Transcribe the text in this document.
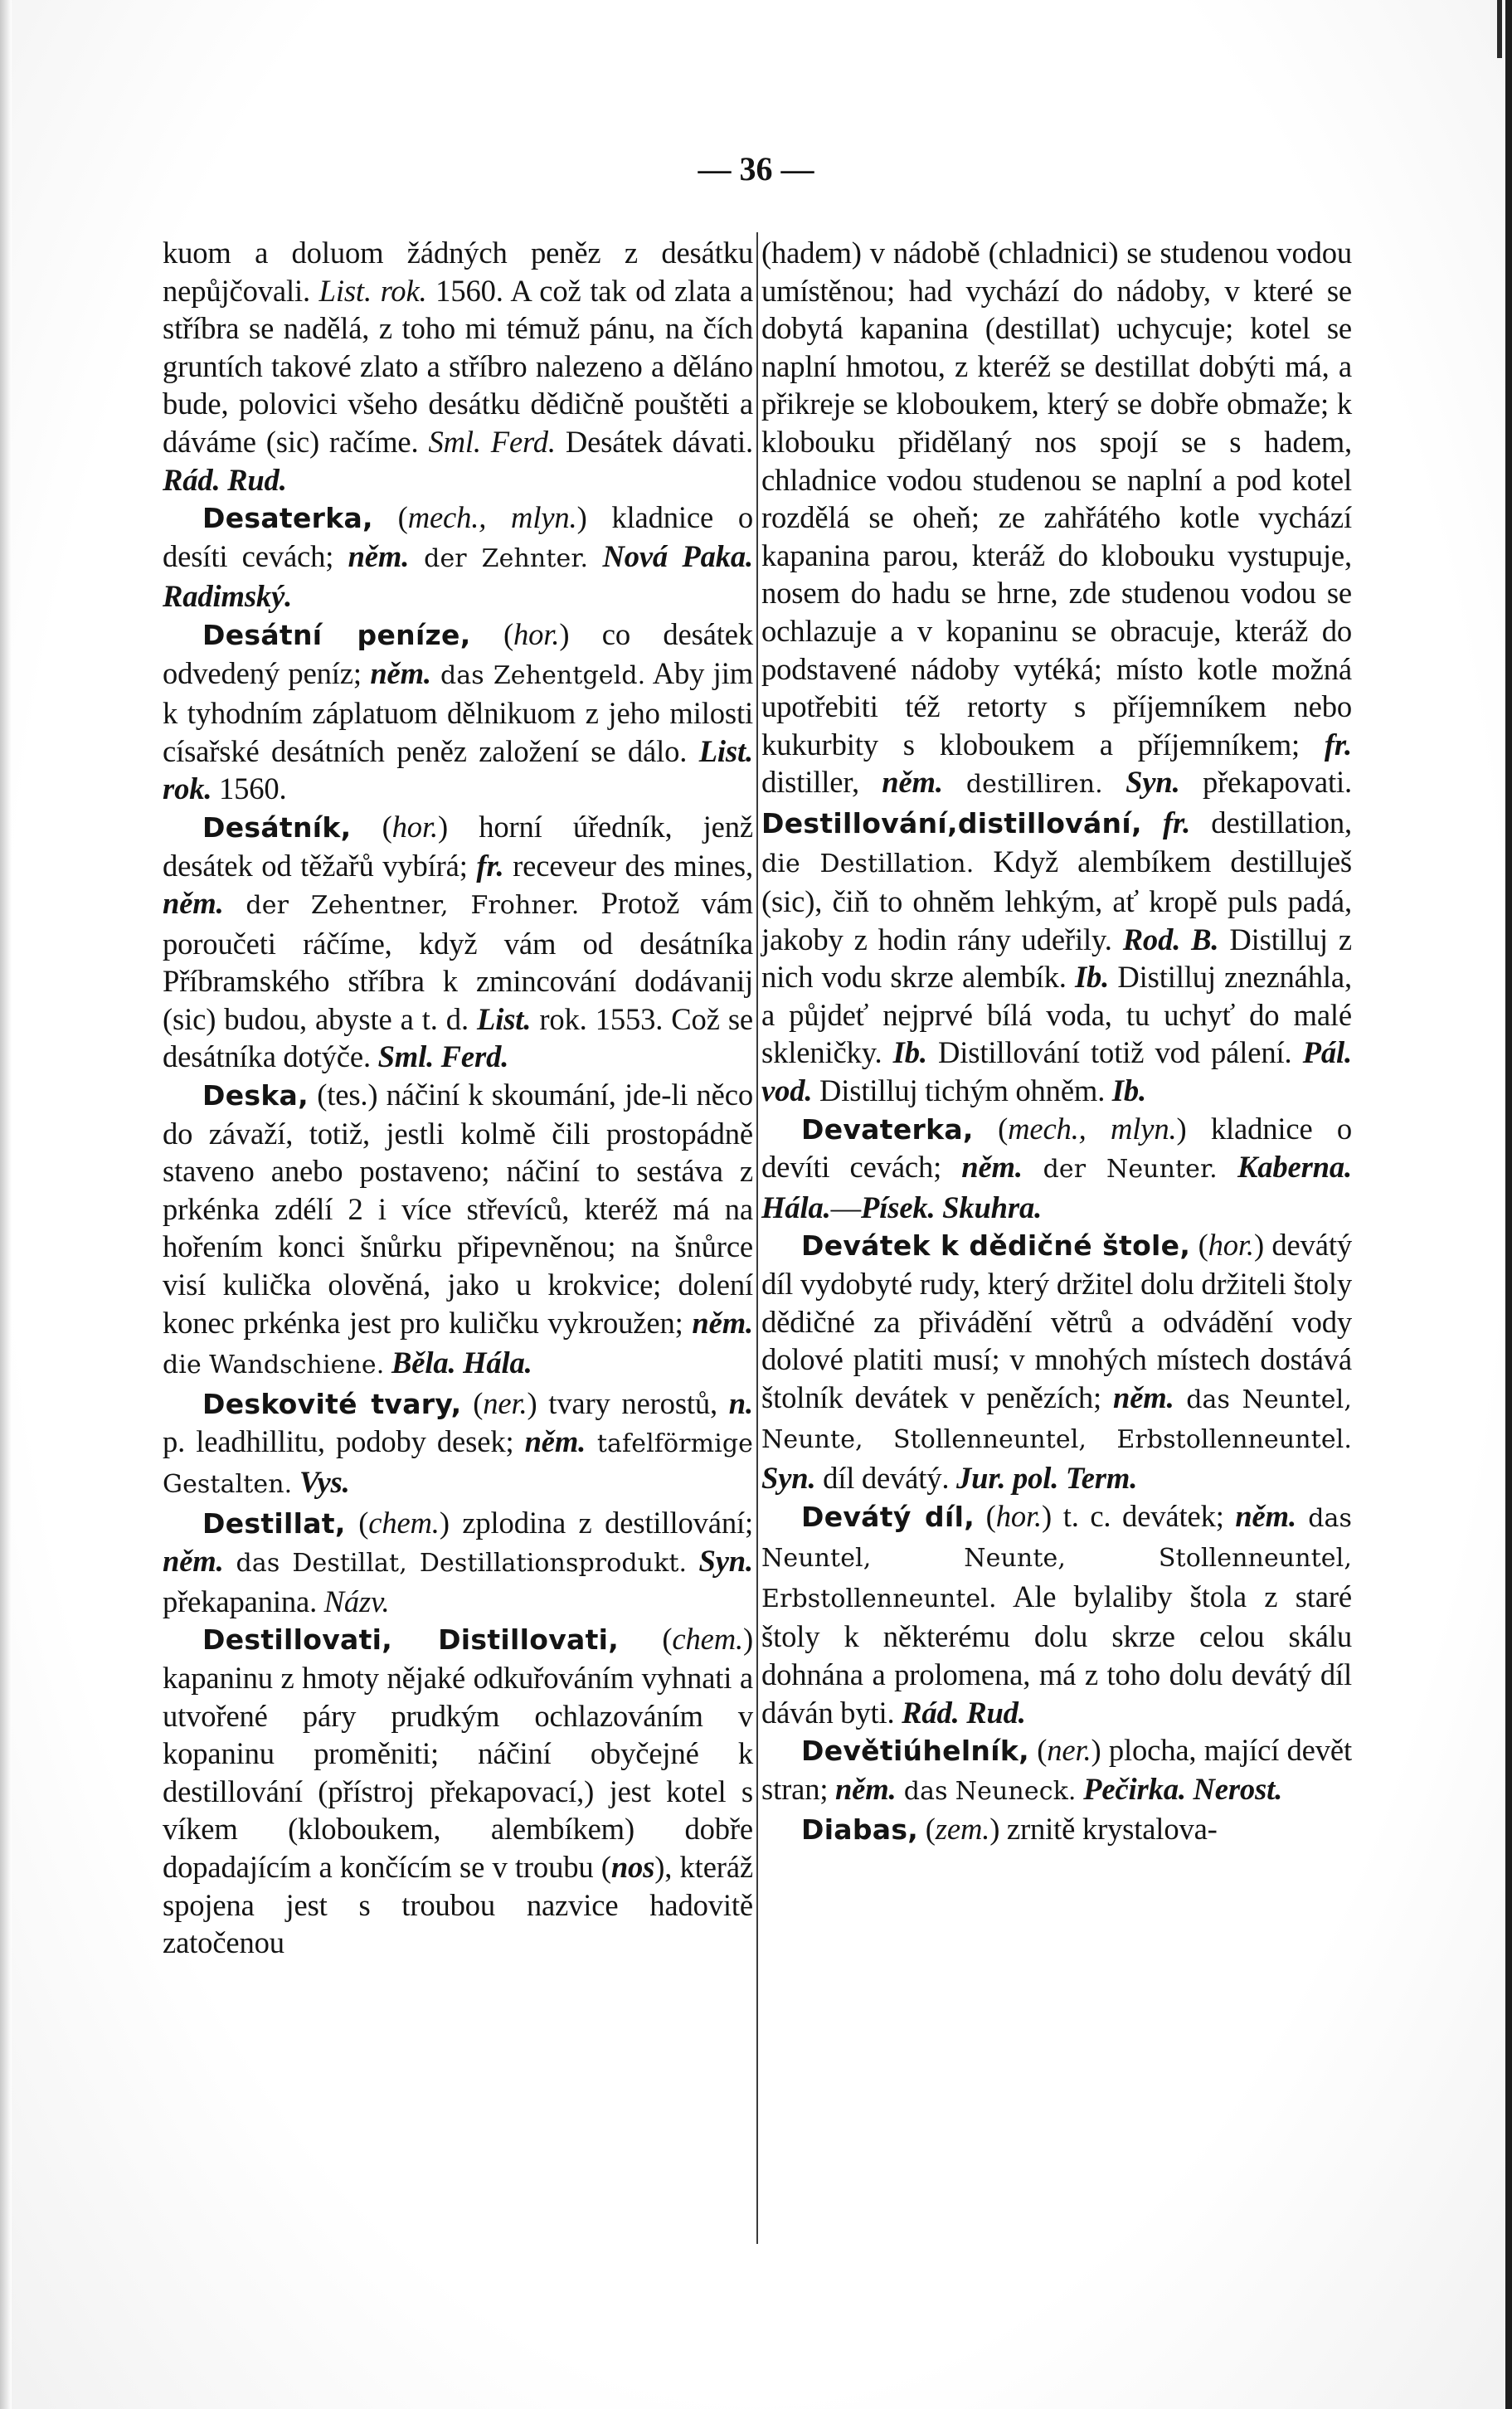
— 36 —

kuom a doluom žádných peněz z desátku nepůjčovali. List. rok. 1560. A což tak od zlata a stříbra se nadělá, z toho mi témuž pánu, na čích gruntích takové zlato a stříbro nalezeno a děláno bude, polovici všeho desátku dědičně pouštěti a dáváme (sic) račíme. Sml. Ferd. Desátek dávati. Rád. Rud.

Desaterka, (mech., mlyn.) kladnice o desíti cevách; něm. der Zehnter. Nová Paka. Radimský.

Desátní peníze, (hor.) co desátek odvedený peníz; něm. das Zehentgeld. Aby jim k tyhodním záplatuom dělnikuom z jeho milosti císařské desátních peněz založení se dálo. List. rok. 1560.

Desátník, (hor.) horní úředník, jenž desátek od těžařů vybírá; fr. receveur des mines, něm. der Zehentner, Frohner. Protož vám poroučeti ráčíme, když vám od desátníka Příbramského stříbra k zmincování dodávanij (sic) budou, abyste a t. d. List. rok. 1553. Což se desátníka dotýče. Sml. Ferd.

Deska, (tes.) náčiní k skoumání, jde-li něco do závaží, totiž, jestli kolmě čili prostopádně staveno anebo postaveno; náčiní to sestáva z prkénka zdélí 2 i více střevíců, kteréž má na hořením konci šnůrku připevněnou; na šnůrce visí kulička olověná, jako u krokvice; dolení konec prkénka jest pro kuličku vykroužen; něm. die Wandschiene. Běla. Hála.

Deskovité tvary, (ner.) tvary nerostů, n. p. leadhillitu, podoby desek; něm. tafelförmige Gestalten. Vys.

Destillat, (chem.) zplodina z destillování; něm. das Destillat, Destillationsprodukt. Syn. překapanina. Názv.

Destillovati, Distillovati, (chem.) kapaninu z hmoty nějaké odkuřováním vyhnati a utvořené páry prudkým ochlazováním v kopaninu proměniti; náčiní obyčejné k destillování (přístroj překapovací,) jest kotel s víkem (kloboukem, alembíkem) dobře dopadajícím a končícím se v troubu (nos), kteráž spojena jest s troubou nazvice hadovitě zatočenou

(hadem) v nádobě (chladnici) se studenou vodou umístěnou; had vychází do nádoby, v které se dobytá kapanina (destillat) uchycuje; kotel se naplní hmotou, z kteréž se destillat dobýti má, a přikreje se kloboukem, který se dobře obmaže; k klobouku přidělaný nos spojí se s hadem, chladnice vodou studenou se naplní a pod kotel rozdělá se oheň; ze zahřátého kotle vychází kapanina parou, kteráž do klobouku vystupuje, nosem do hadu se hrne, zde studenou vodou se ochlazuje a v kopaninu se obracuje, kteráž do podstavené nádoby vytéká; místo kotle možná upotřebiti též retorty s příjemníkem nebo kukurbity s kloboukem a příjemníkem; fr. distiller, něm. destilliren. Syn. překapovati. Destillování,distillování, fr. destillation, die Destillation. Když alembíkem destilluješ (sic), čiň to ohněm lehkým, ať kropě puls padá, jakoby z hodin rány udeřily. Rod. B. Distilluj z nich vodu skrze alembík. Ib. Distilluj zneznáhla, a půjdeť nejprvé bílá voda, tu uchyť do malé skleničky. Ib. Distillování totiž vod pálení. Pál. vod. Distilluj tichým ohněm. Ib.

Devaterka, (mech., mlyn.) kladnice o devíti cevách; něm. der Neunter. Kaberna. Hála.—Písek. Skuhra.

Devátek k dědičné štole, (hor.) devátý díl vydobyté rudy, který držitel dolu držiteli štoly dědičné za přivádění větrů a odvádění vody dolové platiti musí; v mnohých místech dostává štolník devátek v penězích; něm. das Neuntel, Neunte, Stollenneuntel, Erbstollenneuntel. Syn. díl devátý. Jur. pol. Term.

Devátý díl, (hor.) t. c. devátek; něm. das Neuntel, Neunte, Stollenneuntel, Erbstollenneuntel. Ale bylaliby štola z staré štoly k některému dolu skrze celou skálu dohnána a prolomena, má z toho dolu devátý díl dáván byti. Rád. Rud.

Devětiúhelník, (ner.) plocha, mající devět stran; něm. das Neuneck. Pečirka. Nerost.

Diabas, (zem.) zrnitě krystalova-
